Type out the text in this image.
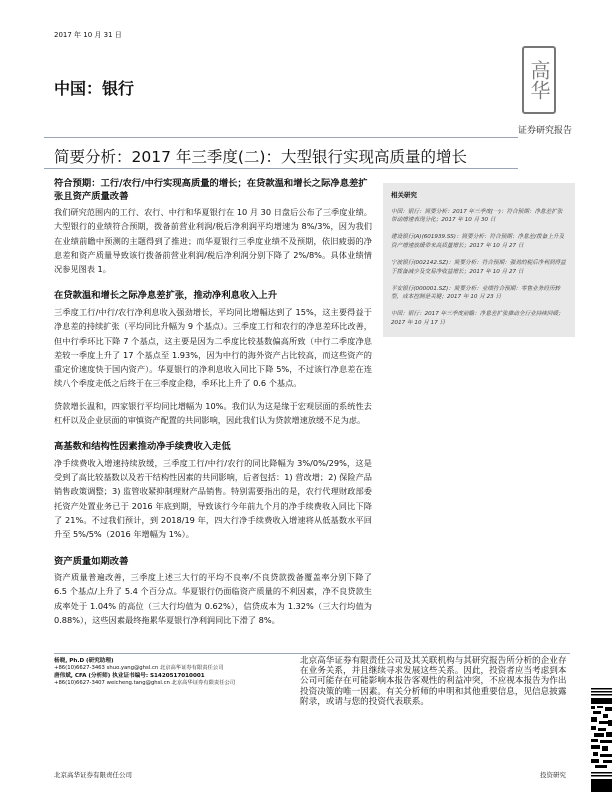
2017 年 10 月 31 日
中国：银行	高华
证券研究报告
简要分析：2017 年三季度(二)：大型银行实现高质量的增长
符合预期：工行/农行/中行实现高质量的增长；在贷款温和增长之际净息差扩张且资产质量改善

我们研究范围内的工行、农行、中行和华夏银行在 10 月 30 日盘后公布了三季度业绩。大型银行的业绩符合预期，拨备前营业利润/税后净利润平均增速为 8%/3%，因为我们在业绩前瞻中预测的主题得到了推进；而华夏银行三季度业绩不及预期，依旧疲弱的净息差和资产质量导致该行拨备前营业利润/税后净利润分别下降了 2%/8%。具体业绩情况参见图表 1。

在贷款温和增长之际净息差扩张，推动净利息收入上升

三季度工行/中行/农行净利息收入强劲增长，平均同比增幅达到了 15%，这主要得益于净息差的持续扩张（平均同比升幅为 9 个基点）。三季度工行和农行的净息差环比改善，但中行季环比下降 7 个基点，这主要是因为二季度比较基数偏高所致（中行二季度净息差较一季度上升了 17 个基点至 1.93%，因为中行的海外资产占比较高，而这些资产的重定价速度快于国内资产）。华夏银行的净利息收入同比下降 5%，不过该行净息差在连续八个季度走低之后终于在三季度企稳，季环比上升了 0.6 个基点。

贷款增长温和，四家银行平均同比增幅为 10%。我们认为这是缘于宏观层面的系统性去杠杆以及企业层面的审慎资产配置的共同影响，因此我们认为贷款增速放缓不足为虑。

高基数和结构性因素推动净手续费收入走低

净手续费收入增速持续放缓，三季度工行/中行/农行的同比降幅为 3%/0%/29%，这是受到了高比较基数以及若干结构性因素的共同影响，后者包括：1) 营改增；2) 保险产品销售政策调整；3) 监管收紧抑制理财产品销售。特别需要指出的是，农行代理财政部委托资产处置业务已于 2016 年底到期，导致该行今年前九个月的净手续费收入同比下降了 21%。不过我们预计，到 2018/19 年，四大行净手续费收入增速将从低基数水平回升至 5%/5%（2016 年增幅为 1%）。

资产质量如期改善

资产质量普遍改善，三季度上述三大行的平均不良率/不良贷款拨备覆盖率分别下降了 6.5 个基点/上升了 5.4 个百分点。华夏银行仍面临资产质量的不利因素，净不良贷款生成率处于 1.04% 的高位（三大行均值为 0.62%），信贷成本为 1.32%（三大行均值为 0.88%），这些因素最终拖累华夏银行净利润同比下滑了 8%。

相关研究
中国：银行：简要分析：2017 年三季度(一)：符合预期：净息差扩张带动增速表现分化；2017 年 10 月 30 日
建设银行(A)(601939.SS)：简要分析：符合预期：净息差/拨备上升及资产增速放缓带来高质量增长；2017 年 10 月 27 日
宁波银行(002142.SZ)：简要分析：符合预期：强劲的税后净利润得益于拨备减少及交易净收益增长；2017 年 10 月 27 日
平安银行(000001.SZ)：简要分析：业绩符合预期：零售业务经历转型，成本控制是关键；2017 年 10 月 23 日
中国：银行：2017 年三季度前瞻：净息差扩张推动全行业持续回暖；2017 年 10 月 17 日
杨晓, Ph.D (研究助理)
+86(10)6627-3463 shuo.yang@ghsl.cn 北京高华证券有限责任公司
唐伟斌, CFA (分析师) 执业证书编号: S1420517010001
+86(10)6627-3407 weicheng.tang@ghsl.cn 北京高华证券有限责任公司
北京高华证券有限责任公司及其关联机构与其研究报告所分析的企业存在业务关系，并且继续寻求发展这些关系。因此，投资者应当考虑到本公司可能存在可能影响本报告客观性的利益冲突，不应视本报告为作出投资决策的唯一因素。有关分析师的申明和其他重要信息，见信息披露附录，或请与您的投资代表联系。
北京高华证券有限责任公司	投资研究
